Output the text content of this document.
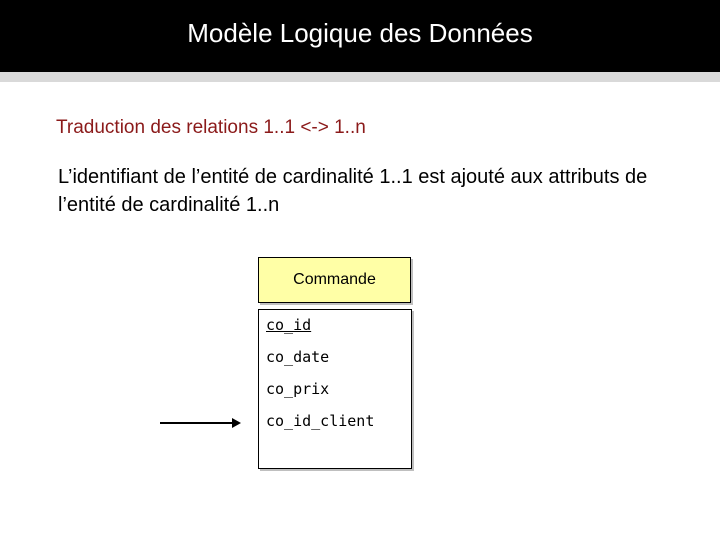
Modèle Logique des Données
Traduction des relations 1..1 <-> 1..n
L’identifiant de l’entité de cardinalité 1..1 est ajouté aux attributs de l’entité de cardinalité 1..n
Commande
co_id
co_date
co_prix
co_id_client
